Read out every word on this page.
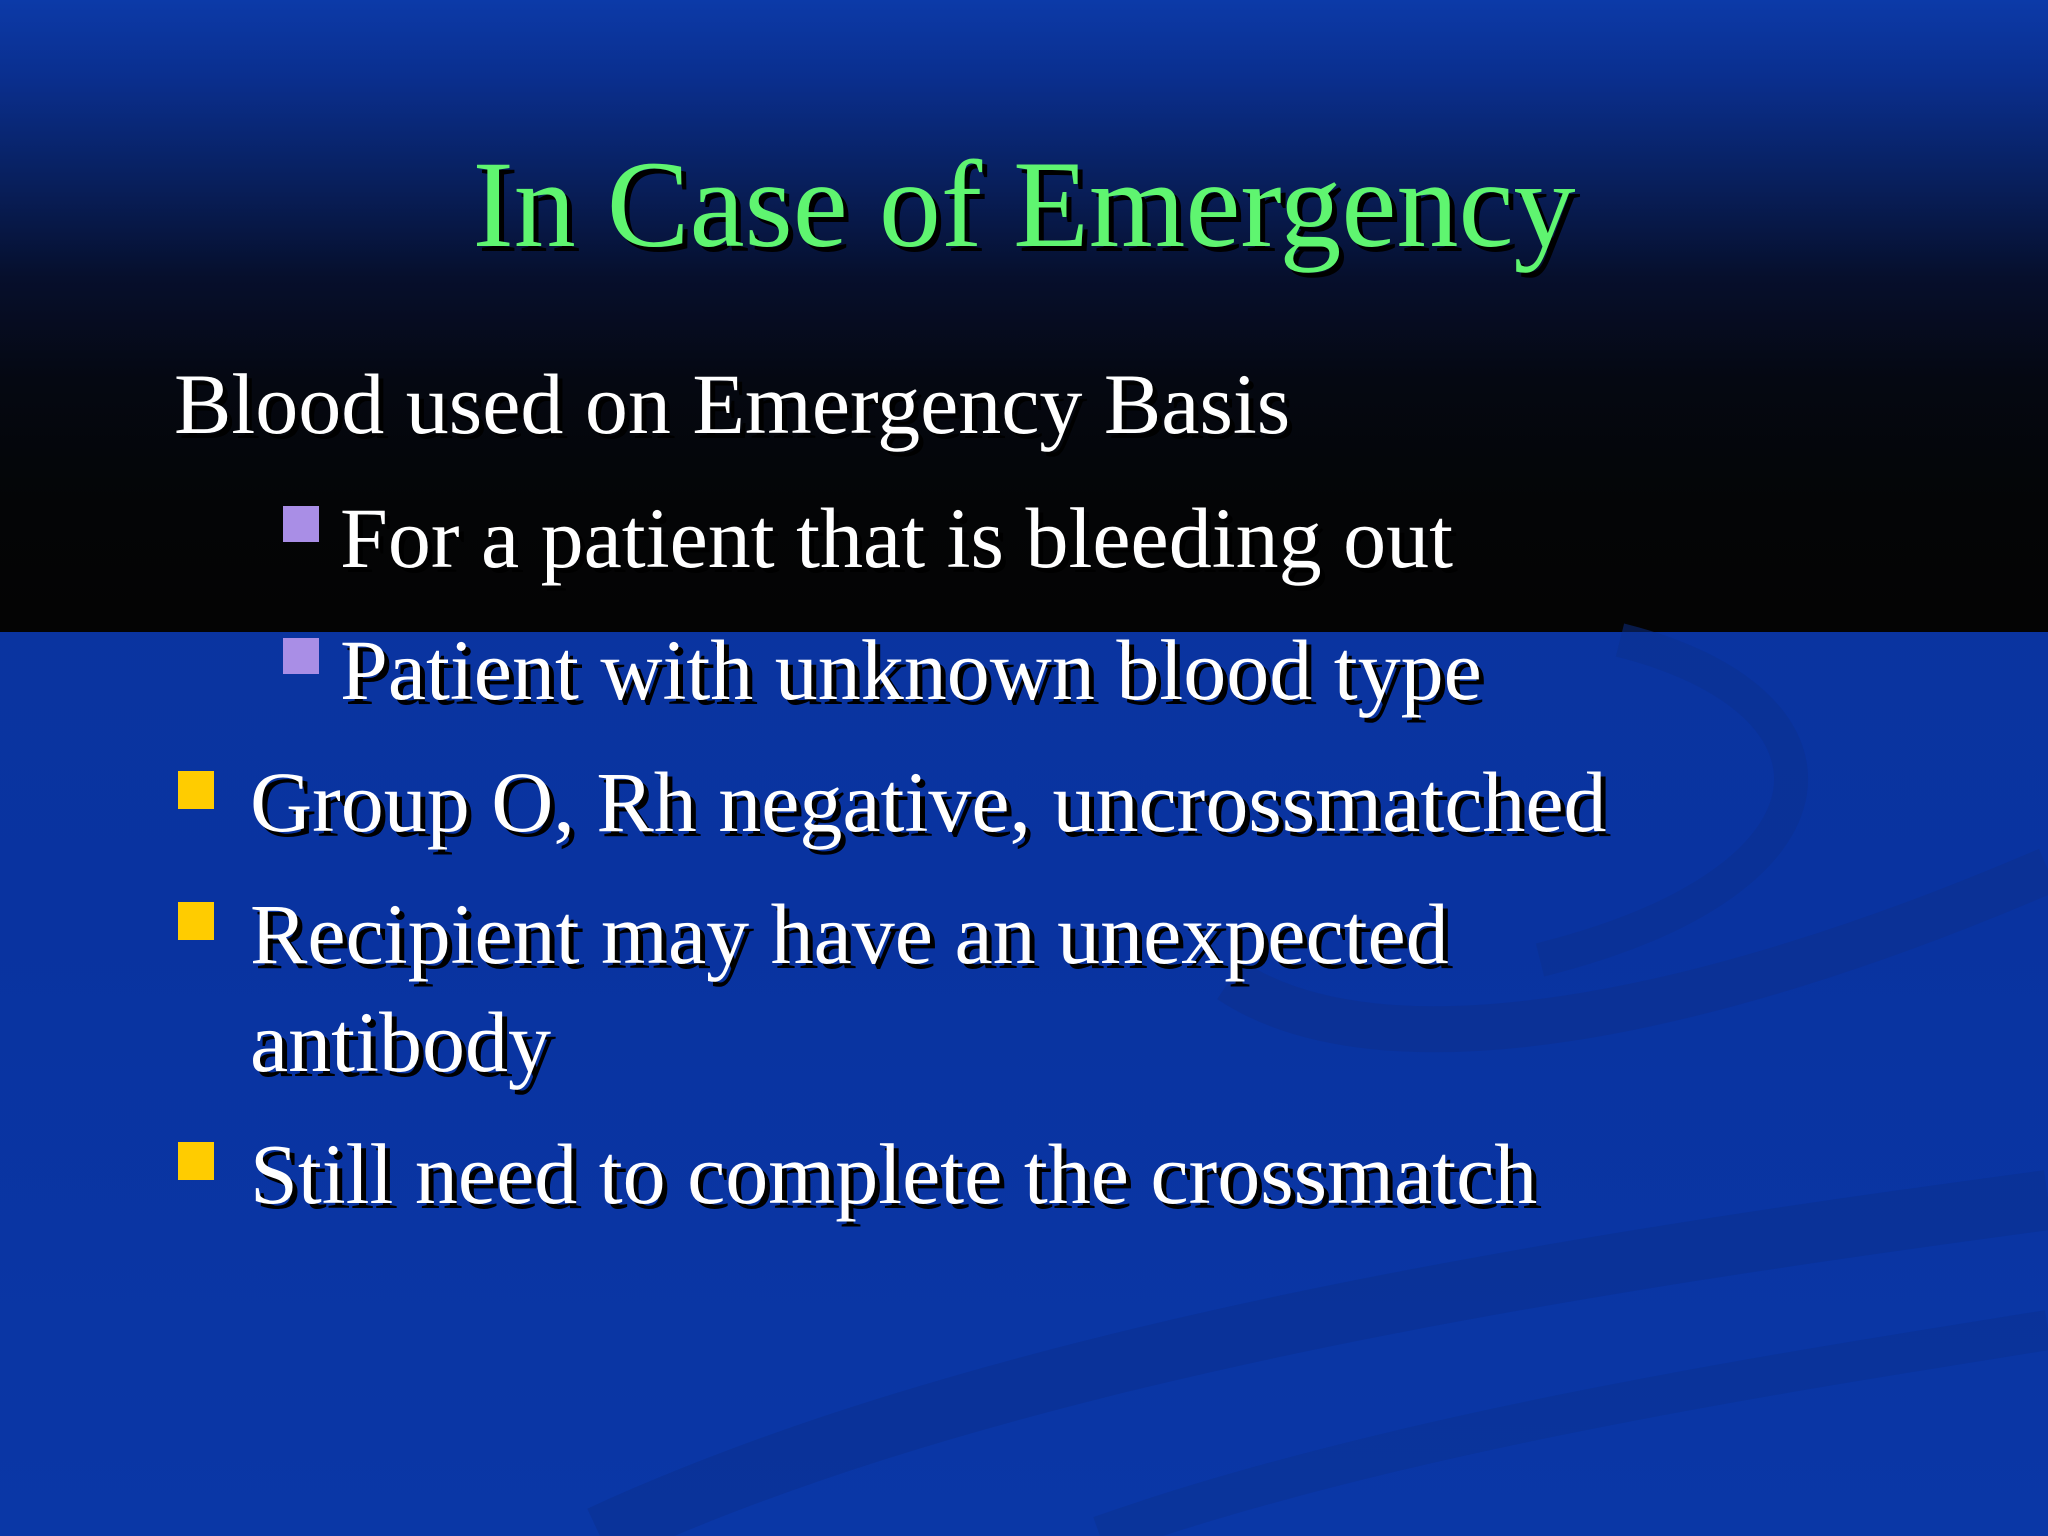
In Case of Emergency
Blood used on Emergency Basis
For a patient that is bleeding out
Patient with unknown blood type
Group O, Rh negative, uncrossmatched
Recipient may have an unexpected
antibody
Still need to complete the crossmatch
